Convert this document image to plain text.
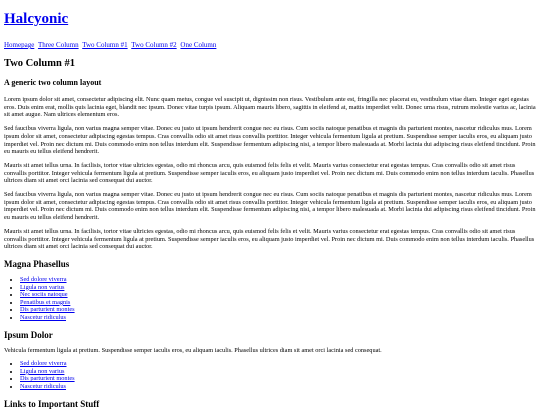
Halcyonic
Homepage Three Column Two Column #1 Two Column #2 One Column
Two Column #1
A generic two column layout

Lorem ipsum dolor sit amet, consectetur adipiscing elit. Nunc quam metus, congue vel suscipit ut, dignissim non risus. Vestibulum ante est, fringilla nec placerat eu, vestibulum vitae diam. Integer eget egestas eros. Duis enim erat, mollis quis lacinia eget, blandit nec ipsum. Donec vitae turpis ipsum. Aliquam mauris libero, sagittis in eleifend at, mattis imperdiet velit. Donec urna risus, rutrum molestie varius ac, lacinia sit amet augue. Nam ultrices elementum eros.

Sed faucibus viverra ligula, non varius magna semper vitae. Donec eu justo ut ipsum hendrerit congue nec eu risus. Cum sociis natoque penatibus et magnis dis parturient montes, nascetur ridiculus mus. Lorem ipsum dolor sit amet, consectetur adipiscing egestas tempus. Cras convallis odio sit amet risus convallis porttitor. Integer vehicula fermentum ligula at pretium. Suspendisse semper iaculis eros, eu aliquam justo imperdiet vel. Proin nec dictum mi. Duis commodo enim non tellus interdum elit. Suspendisse fermentum adipiscing nisi, a tempor libero malesuada at. Morbi lacinia dui adipiscing risus eleifend tincidunt. Proin eu mauris eu tellus eleifend hendrerit.

Mauris sit amet tellus urna. In facilisis, tortor vitae ultricies egestas, odio mi rhoncus arcu, quis euismod felis felis et velit. Mauris varius consectetur erat egestas tempus. Cras convallis odio sit amet risus convallis porttitor. Integer vehicula fermentum ligula at pretium. Suspendisse semper iaculis eros, eu aliquam justo imperdiet vel. Proin nec dictum mi. Duis commodo enim non tellus interdum iaculis. Phasellus ultrices diam sit amet orci lacinia sed consequat dui auctor.

Sed faucibus viverra ligula, non varius magna semper vitae. Donec eu justo ut ipsum hendrerit congue nec eu risus. Cum sociis natoque penatibus et magnis dis parturient montes, nascetur ridiculus mus. Lorem ipsum dolor sit amet, consectetur adipiscing egestas tempus. Cras convallis odio sit amet risus convallis porttitor. Integer vehicula fermentum ligula at pretium. Suspendisse semper iaculis eros, eu aliquam justo imperdiet vel. Proin nec dictum mi. Duis commodo enim non tellus interdum elit. Suspendisse fermentum adipiscing nisi, a tempor libero malesuada at. Morbi lacinia dui adipiscing risus eleifend tincidunt. Proin eu mauris eu tellus eleifend hendrerit.

Mauris sit amet tellus urna. In facilisis, tortor vitae ultricies egestas, odio mi rhoncus arcu, quis euismod felis felis et velit. Mauris varius consectetur erat egestas tempus. Cras convallis odio sit amet risus convallis porttitor. Integer vehicula fermentum ligula at pretium. Suspendisse semper iaculis eros, eu aliquam justo imperdiet vel. Proin nec dictum mi. Duis commodo enim non tellus interdum iaculis. Phasellus ultrices diam sit amet orci lacinia sed consequat dui auctor.

Magna Phasellus
• Sed dolore viverra
• Ligula non varius
• Nec sociis natoque
• Penatibus et magnis
• Dis parturient montes
• Nascetur ridiculus
Ipsum Dolor

Vehicula fermentum ligula at pretium. Suspendisse semper iaculis eros, eu aliquam iaculis. Phasellus ultrices diam sit amet orci lacinia sed consequat.

• Sed dolore viverra
• Ligula non varius
• Dis parturient montes
• Nascetur ridiculus
Links to Important Stuff
